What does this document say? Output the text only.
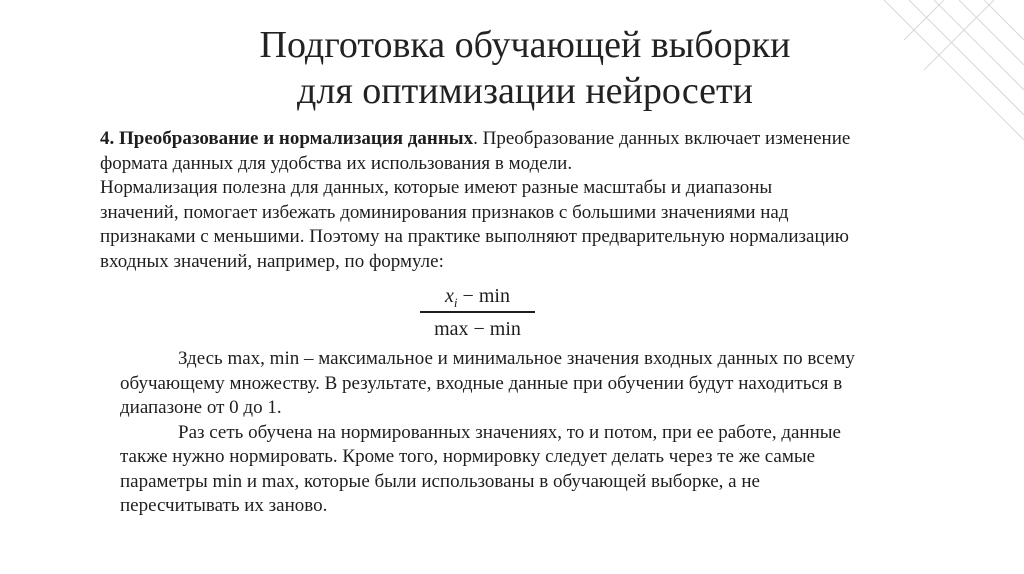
Подготовка обучающей выборки
для оптимизации нейросети
4. Преобразование и нормализация данных. Преобразование данных включает изменение
формата данных для удобства их использования в модели.
Нормализация полезна для данных, которые имеют разные масштабы и диапазоны
значений, помогает избежать доминирования признаков с большими значениями над
признаками с меньшими. Поэтому на практике выполняют предварительную нормализацию
входных значений, например, по формуле:
$x_i - \min$
max − min
Здесь max, min – максимальное и минимальное значения входных данных по всему
обучающему множеству. В результате, входные данные при обучении будут находиться в
диапазоне от 0 до 1.
Раз сеть обучена на нормированных значениях, то и потом, при ее работе, данные
также нужно нормировать. Кроме того, нормировку следует делать через те же самые
параметры min и max, которые были использованы в обучающей выборке, а не
пересчитывать их заново.
